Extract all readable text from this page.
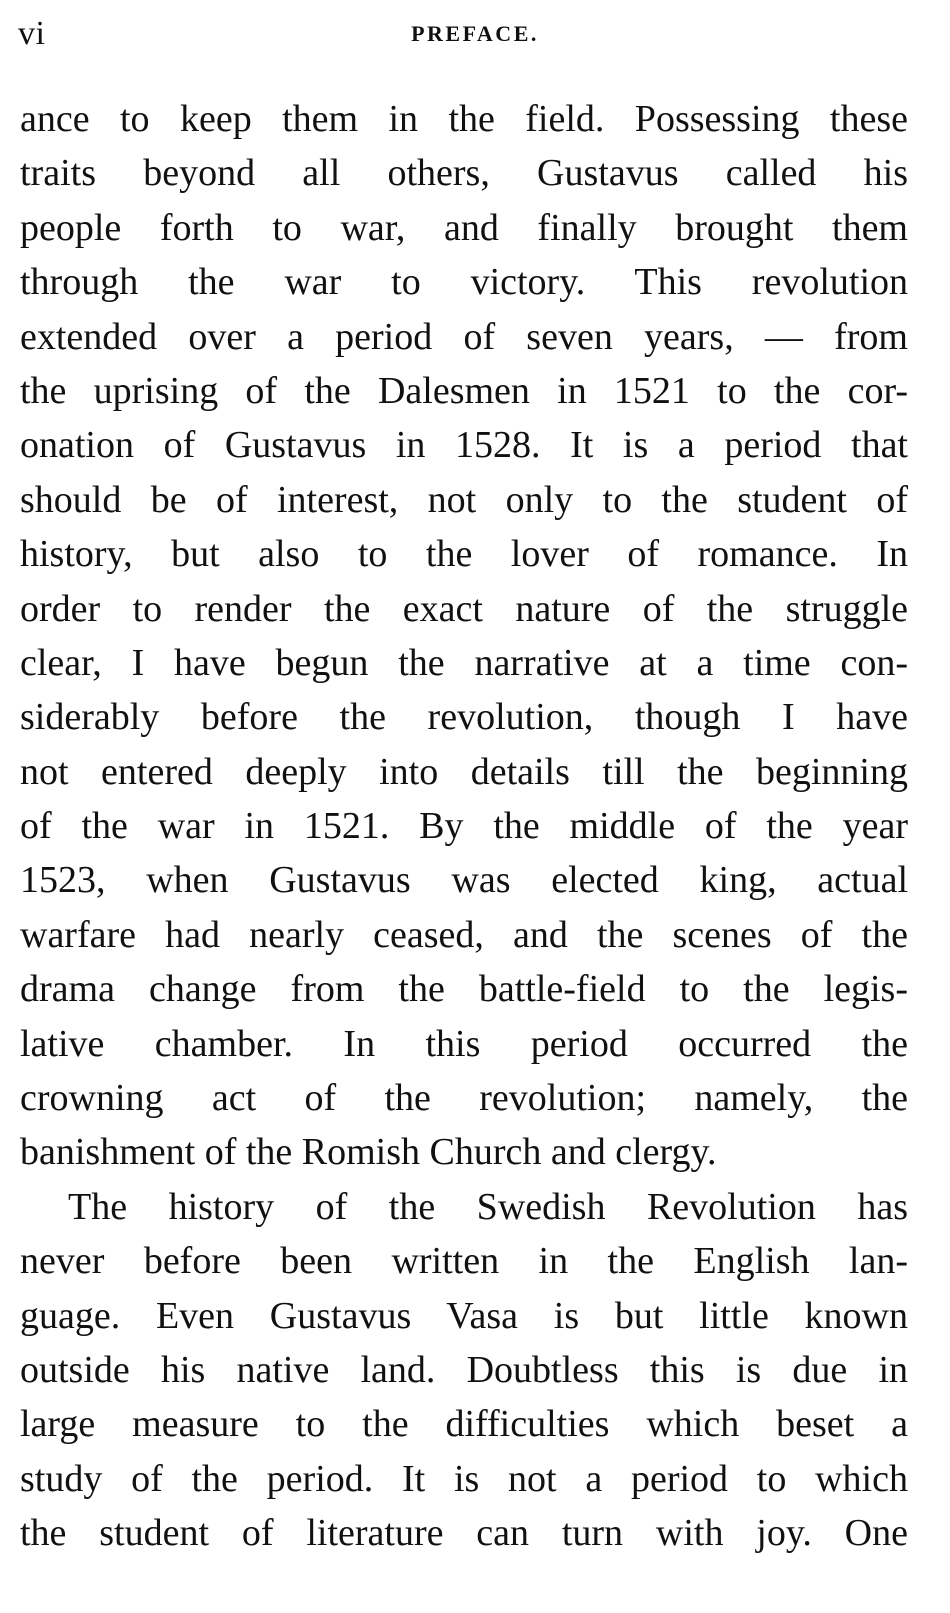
vi	PREFACE.
ance to keep them in the field. Possessing these
traits beyond all others, Gustavus called his
people forth to war, and finally brought them
through the war to victory. This revolution
extended over a period of seven years, — from
the uprising of the Dalesmen in 1521 to the cor-
onation of Gustavus in 1528. It is a period that
should be of interest, not only to the student of
history, but also to the lover of romance. In
order to render the exact nature of the struggle
clear, I have begun the narrative at a time con-
siderably before the revolution, though I have
not entered deeply into details till the beginning
of the war in 1521. By the middle of the year
1523, when Gustavus was elected king, actual
warfare had nearly ceased, and the scenes of the
drama change from the battle-field to the legis-
lative chamber. In this period occurred the
crowning act of the revolution; namely, the
banishment of the Romish Church and clergy.
The history of the Swedish Revolution has
never before been written in the English lan-
guage. Even Gustavus Vasa is but little known
outside his native land. Doubtless this is due in
large measure to the difficulties which beset a
study of the period. It is not a period to which
the student of literature can turn with joy. One
